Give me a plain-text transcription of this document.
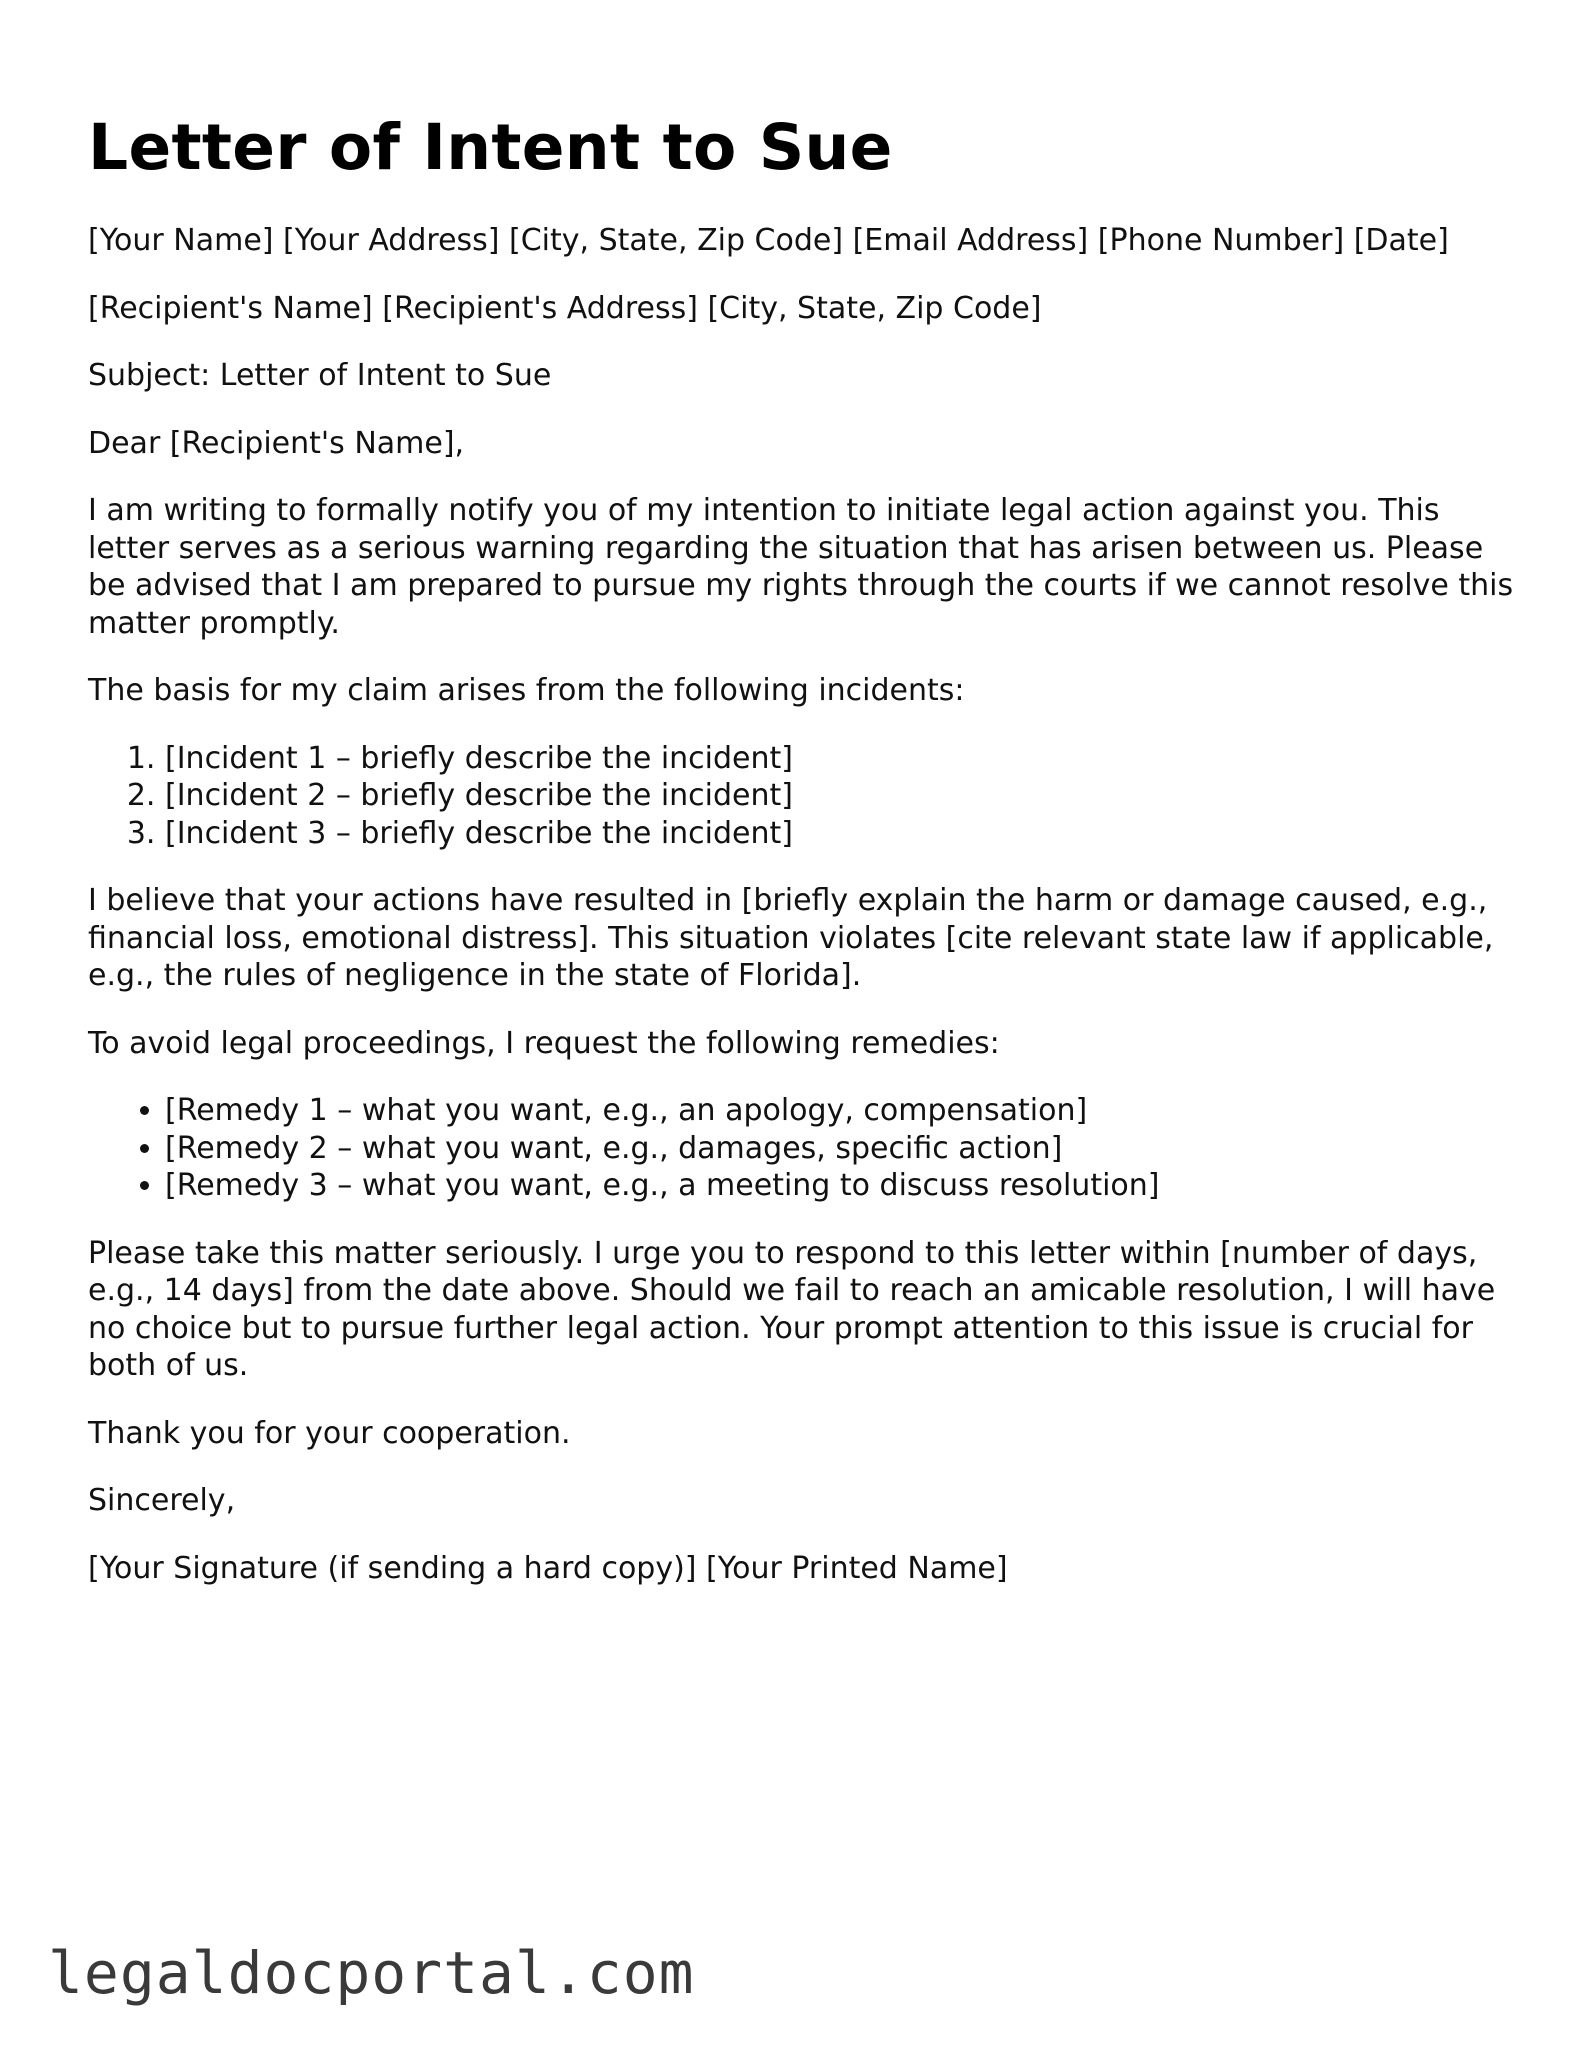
Letter of Intent to Sue

[Your Name] [Your Address] [City, State, Zip Code] [Email Address] [Phone Number] [Date]

[Recipient's Name] [Recipient's Address] [City, State, Zip Code]

Subject: Letter of Intent to Sue

Dear [Recipient's Name],

I am writing to formally notify you of my intention to initiate legal action against you. This letter serves as a serious warning regarding the situation that has arisen between us. Please be advised that I am prepared to pursue my rights through the courts if we cannot resolve this matter promptly.

The basis for my claim arises from the following incidents:

1. [Incident 1 – briefly describe the incident]
2. [Incident 2 – briefly describe the incident]
3. [Incident 3 – briefly describe the incident]

I believe that your actions have resulted in [briefly explain the harm or damage caused, e.g., financial loss, emotional distress]. This situation violates [cite relevant state law if applicable, e.g., the rules of negligence in the state of Florida].

To avoid legal proceedings, I request the following remedies:

• [Remedy 1 – what you want, e.g., an apology, compensation]
• [Remedy 2 – what you want, e.g., damages, specific action]
• [Remedy 3 – what you want, e.g., a meeting to discuss resolution]

Please take this matter seriously. I urge you to respond to this letter within [number of days, e.g., 14 days] from the date above. Should we fail to reach an amicable resolution, I will have no choice but to pursue further legal action. Your prompt attention to this issue is crucial for both of us.

Thank you for your cooperation.

Sincerely,

[Your Signature (if sending a hard copy)] [Your Printed Name]

legaldocportal.com
